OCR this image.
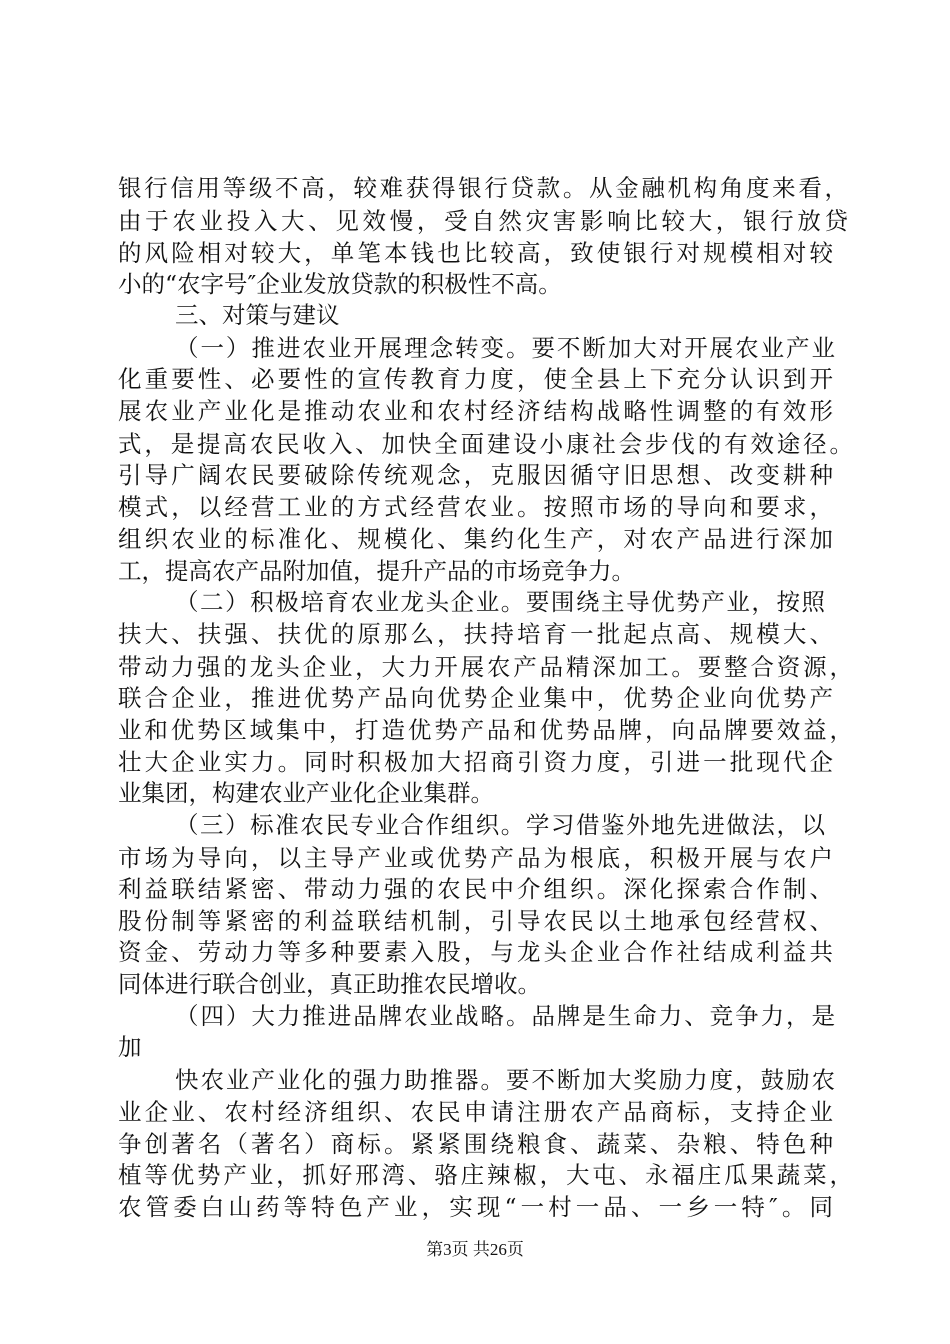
银行信用等级不高，较难获得银行贷款。从金融机构角度来看，
由于农业投入大、见效慢，受自然灾害影响比较大，银行放贷
的风险相对较大，单笔本钱也比较高，致使银行对规模相对较
小的“农字号″企业发放贷款的积极性不高。
三、对策与建议
（一）推进农业开展理念转变。要不断加大对开展农业产业
化重要性、必要性的宣传教育力度，使全县上下充分认识到开
展农业产业化是推动农业和农村经济结构战略性调整的有效形
式，是提高农民收入、加快全面建设小康社会步伐的有效途径。
引导广阔农民要破除传统观念，克服因循守旧思想、改变耕种
模式，以经营工业的方式经营农业。按照市场的导向和要求，
组织农业的标准化、规模化、集约化生产，对农产品进行深加
工，提高农产品附加值，提升产品的市场竞争力。
（二）积极培育农业龙头企业。要围绕主导优势产业，按照
扶大、扶强、扶优的原那么，扶持培育一批起点高、规模大、
带动力强的龙头企业，大力开展农产品精深加工。要整合资源，
联合企业，推进优势产品向优势企业集中，优势企业向优势产
业和优势区域集中，打造优势产品和优势品牌，向品牌要效益，
壮大企业实力。同时积极加大招商引资力度，引进一批现代企
业集团，构建农业产业化企业集群。
（三）标准农民专业合作组织。学习借鉴外地先进做法，以
市场为导向，以主导产业或优势产品为根底，积极开展与农户
利益联结紧密、带动力强的农民中介组织。深化探索合作制、
股份制等紧密的利益联结机制，引导农民以土地承包经营权、
资金、劳动力等多种要素入股，与龙头企业合作社结成利益共
同体进行联合创业，真正助推农民增收。
（四）大力推进品牌农业战略。品牌是生命力、竞争力，是
加
快农业产业化的强力助推器。要不断加大奖励力度，鼓励农
业企业、农村经济组织、农民申请注册农产品商标，支持企业
争创著名（著名）商标。紧紧围绕粮食、蔬菜、杂粮、特色种
植等优势产业，抓好邢湾、骆庄辣椒，大屯、永福庄瓜果蔬菜，
农管委白山药等特色产业，实现“一村一品、一乡一特″。同
第3页 共26页
